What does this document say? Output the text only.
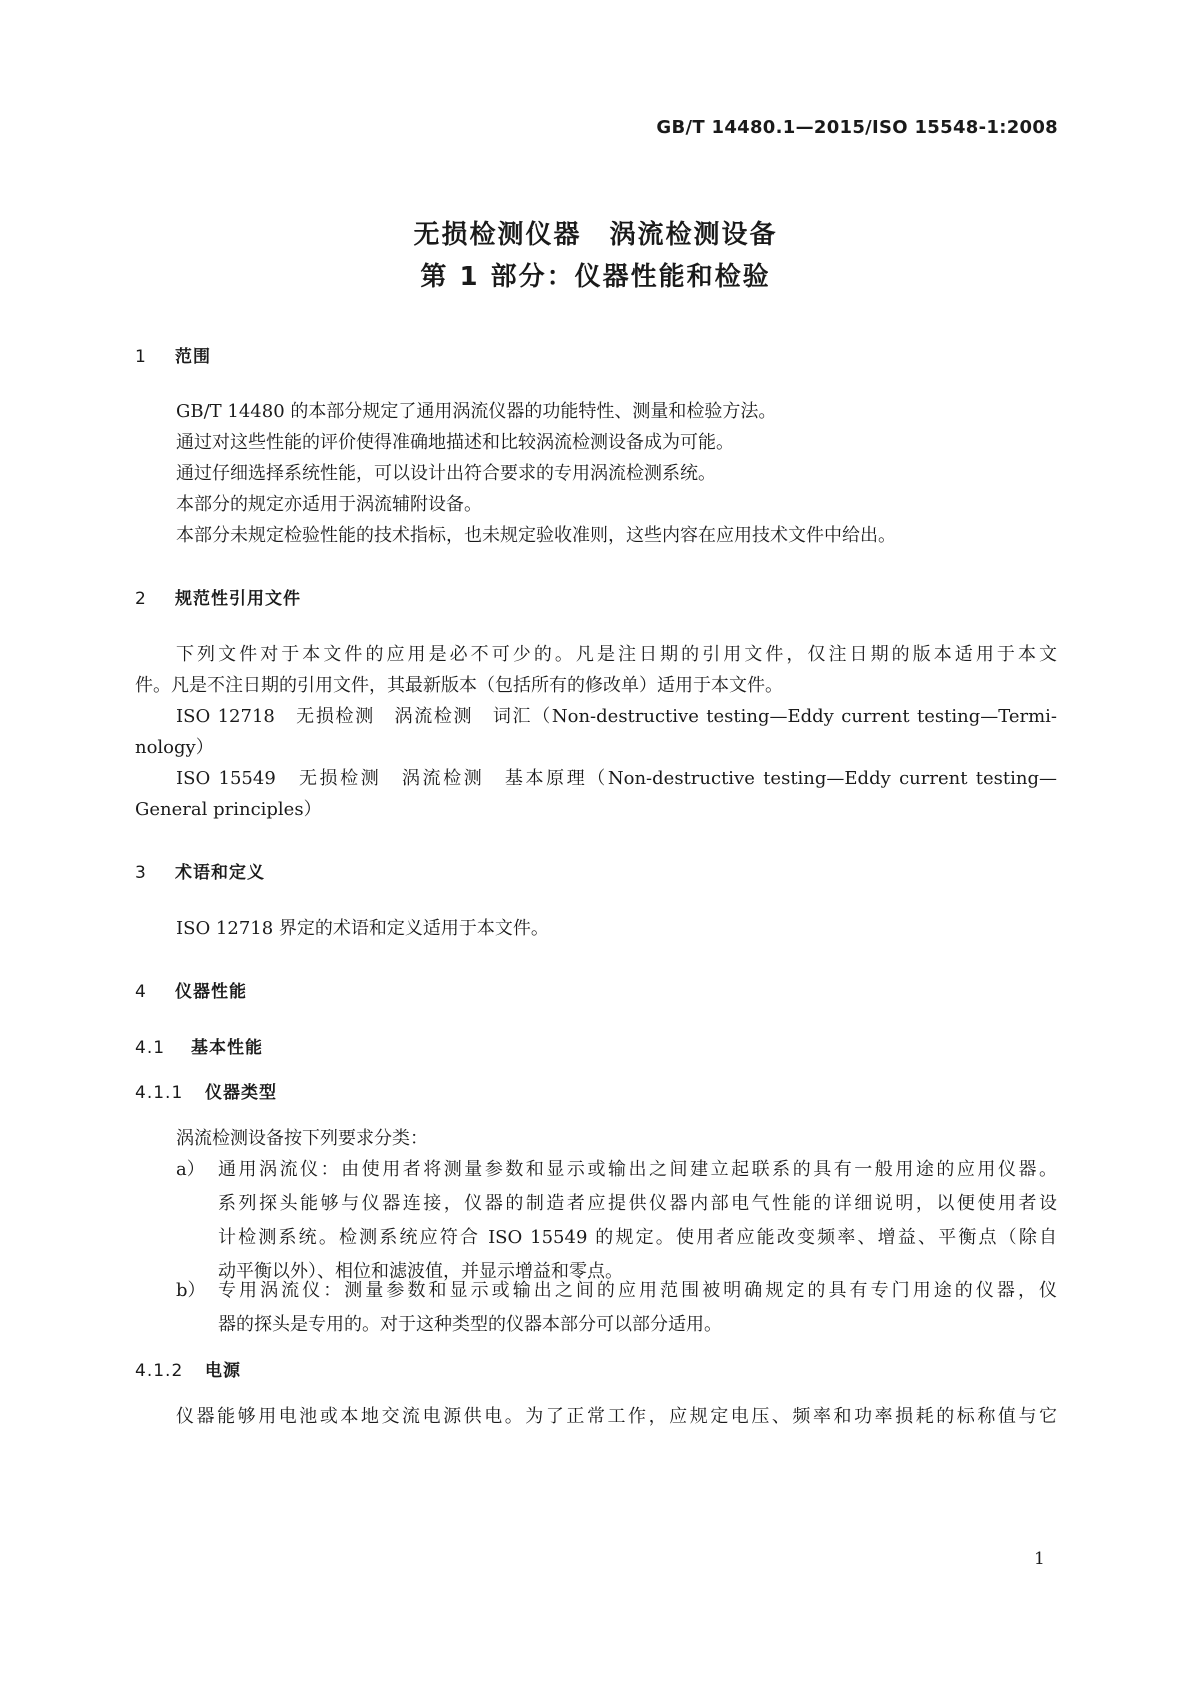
GB/T 14480.1—2015/ISO 15548-1:2008
无损检测仪器　涡流检测设备
第 1 部分：仪器性能和检验
1 范围
GB/T 14480 的本部分规定了通用涡流仪器的功能特性、测量和检验方法。
通过对这些性能的评价使得准确地描述和比较涡流检测设备成为可能。
通过仔细选择系统性能，可以设计出符合要求的专用涡流检测系统。
本部分的规定亦适用于涡流辅附设备。
本部分未规定检验性能的技术指标，也未规定验收准则，这些内容在应用技术文件中给出。
2 规范性引用文件
下列文件对于本文件的应用是必不可少的。凡是注日期的引用文件，仅注日期的版本适用于本文
件。凡是不注日期的引用文件，其最新版本（包括所有的修改单）适用于本文件。
ISO 12718　无损检测　涡流检测　词汇（Non-destructive testing—Eddy current testing—Termi-
nology）
ISO 15549　无损检测　涡流检测　基本原理（Non-destructive testing—Eddy current testing—
General principles）
3 术语和定义
ISO 12718 界定的术语和定义适用于本文件。
4 仪器性能
4.1 基本性能
4.1.1 仪器类型
涡流检测设备按下列要求分类：
a） 通用涡流仪：由使用者将测量参数和显示或输出之间建立起联系的具有一般用途的应用仪器。
系列探头能够与仪器连接，仪器的制造者应提供仪器内部电气性能的详细说明，以便使用者设
计检测系统。检测系统应符合 ISO 15549 的规定。使用者应能改变频率、增益、平衡点（除自
动平衡以外）、相位和滤波值，并显示增益和零点。
b） 专用涡流仪：测量参数和显示或输出之间的应用范围被明确规定的具有专门用途的仪器，仪
器的探头是专用的。对于这种类型的仪器本部分可以部分适用。
4.1.2 电源
仪器能够用电池或本地交流电源供电。为了正常工作，应规定电压、频率和功率损耗的标称值与它
1
